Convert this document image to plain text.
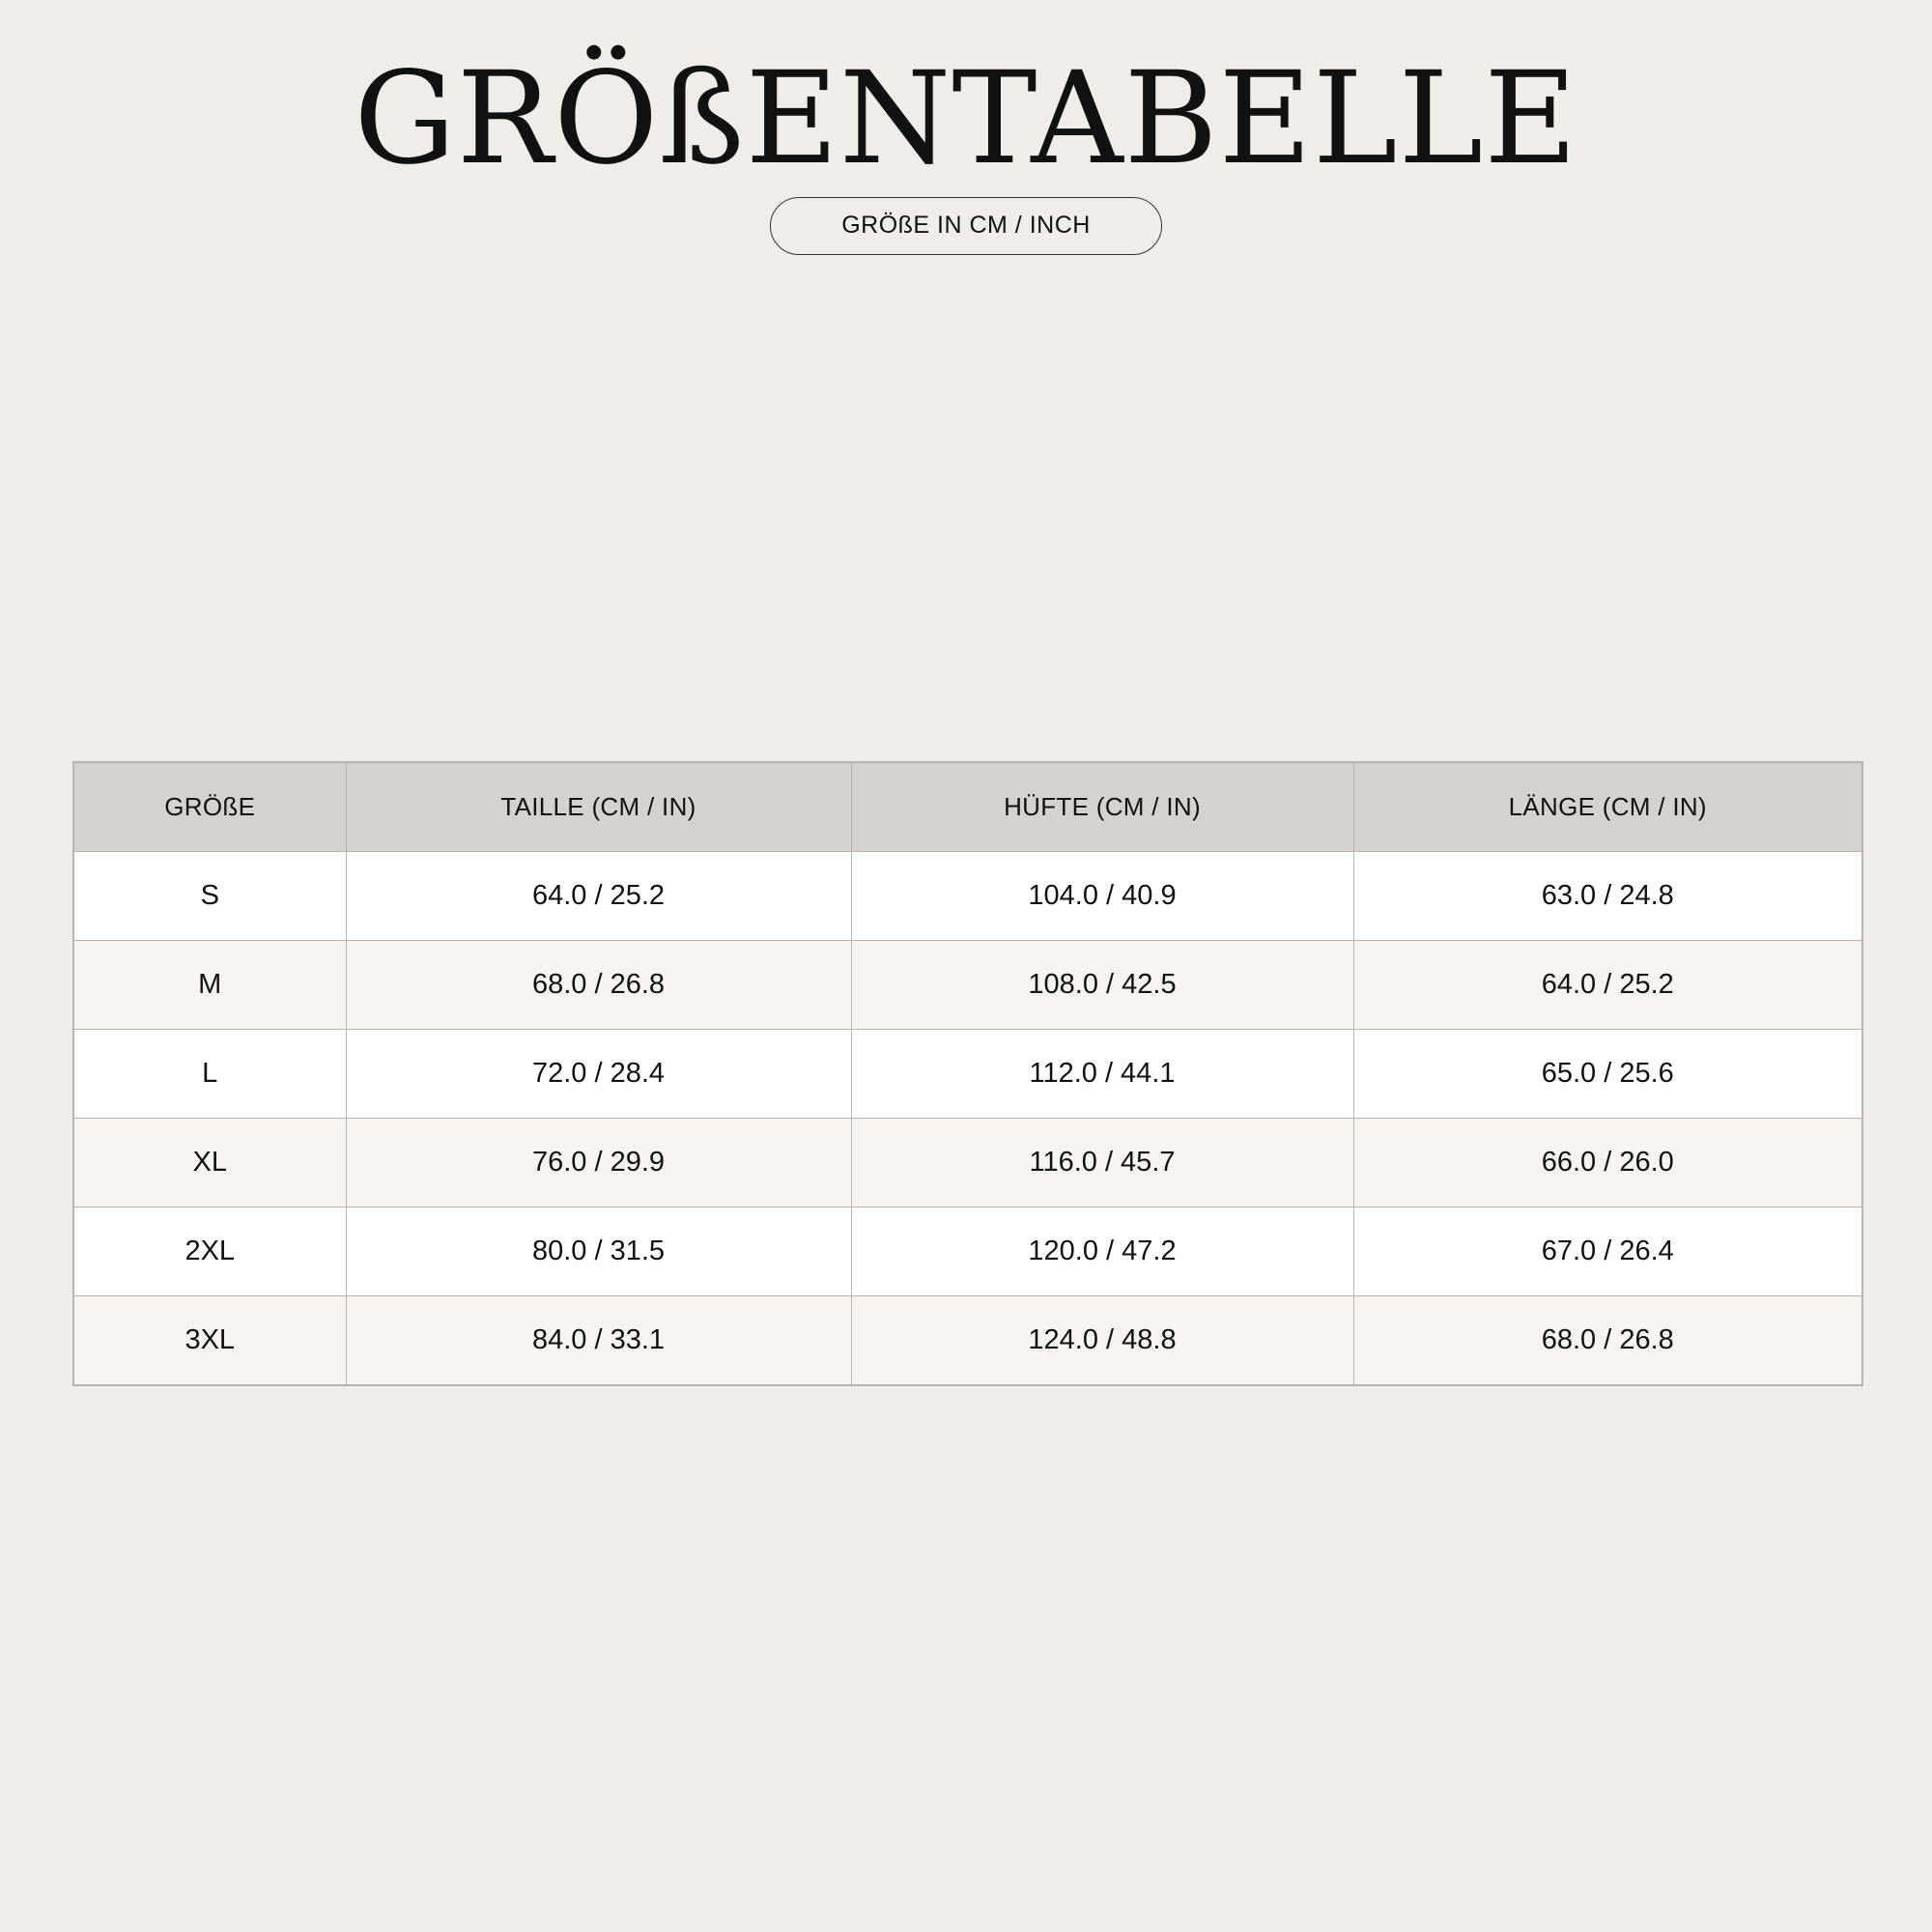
GRÖßENTABELLE
GRÖßE IN CM / INCH
GRÖßE	TAILLE (CM / IN)	HÜFTE (CM / IN)	LÄNGE (CM / IN)
S	64.0 / 25.2	104.0 / 40.9	63.0 / 24.8
M	68.0 / 26.8	108.0 / 42.5	64.0 / 25.2
L	72.0 / 28.4	112.0 / 44.1	65.0 / 25.6
XL	76.0 / 29.9	116.0 / 45.7	66.0 / 26.0
2XL	80.0 / 31.5	120.0 / 47.2	67.0 / 26.4
3XL	84.0 / 33.1	124.0 / 48.8	68.0 / 26.8
